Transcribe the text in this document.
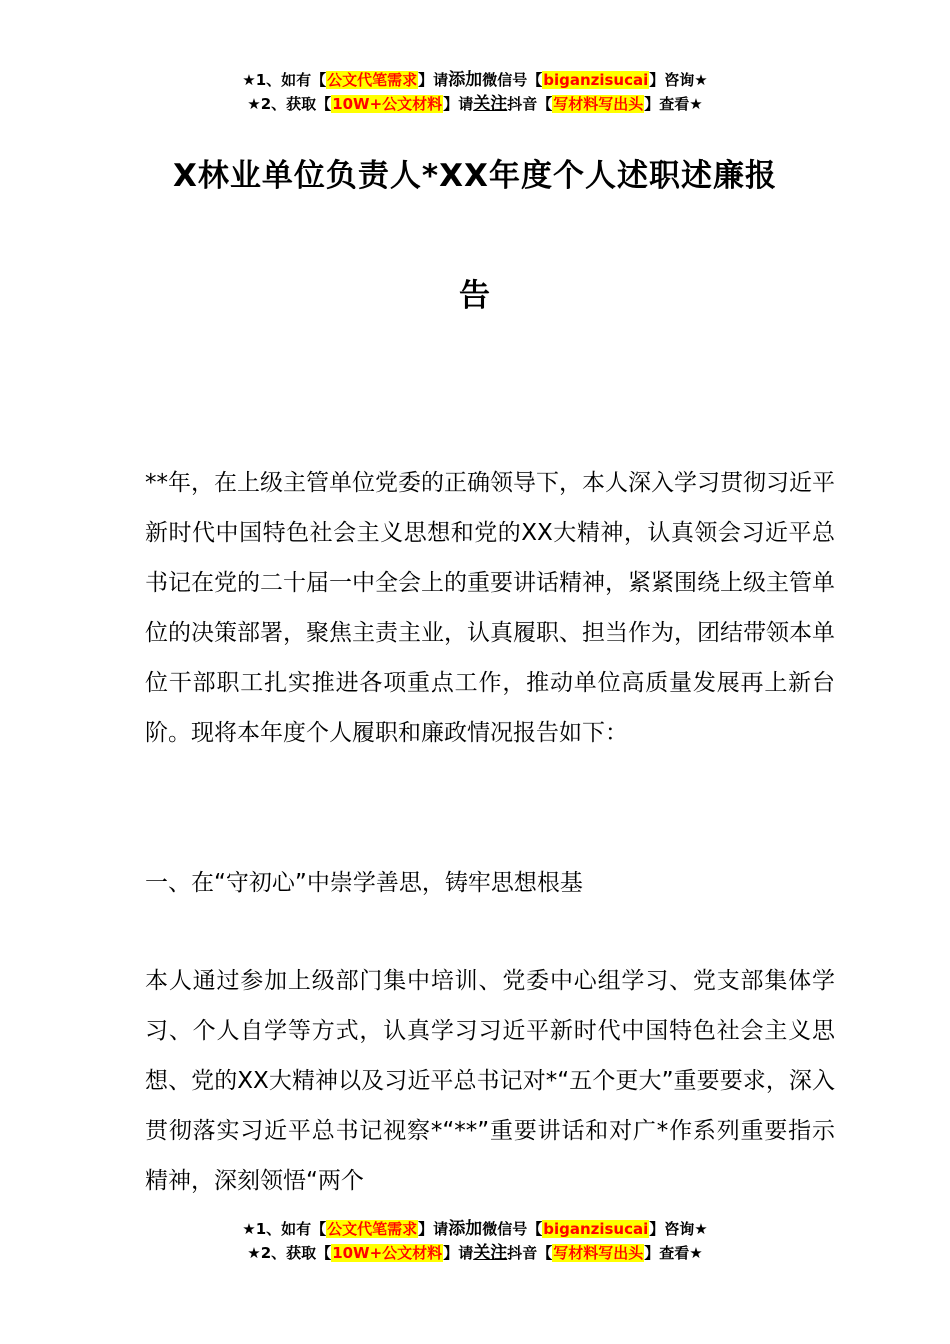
★1、如有【公文代笔需求】请添加微信号【biganzisucai】咨询★
★2、获取【10W+公文材料】请关注抖音【写材料写出头】查看★
X林业单位负责人*XX年度个人述职述廉报
告
**年，在上级主管单位党委的正确领导下，本人深入学习贯彻习近平新时代中国特色社会主义思想和党的XX大精神，认真领会习近平总书记在党的二十届一中全会上的重要讲话精神，紧紧围绕上级主管单位的决策部署，聚焦主责主业，认真履职、担当作为，团结带领本单位干部职工扎实推进各项重点工作，推动单位高质量发展再上新台阶。现将本年度个人履职和廉政情况报告如下：
一、在“守初心”中崇学善思，铸牢思想根基
本人通过参加上级部门集中培训、党委中心组学习、党支部集体学习、个人自学等方式，认真学习习近平新时代中国特色社会主义思想、党的XX大精神以及习近平总书记对*“五个更大”重要要求，深入贯彻落实习近平总书记视察*“**”重要讲话和对广*作系列重要指示精神，深刻领悟“两个
★1、如有【公文代笔需求】请添加微信号【biganzisucai】咨询★
★2、获取【10W+公文材料】请关注抖音【写材料写出头】查看★
